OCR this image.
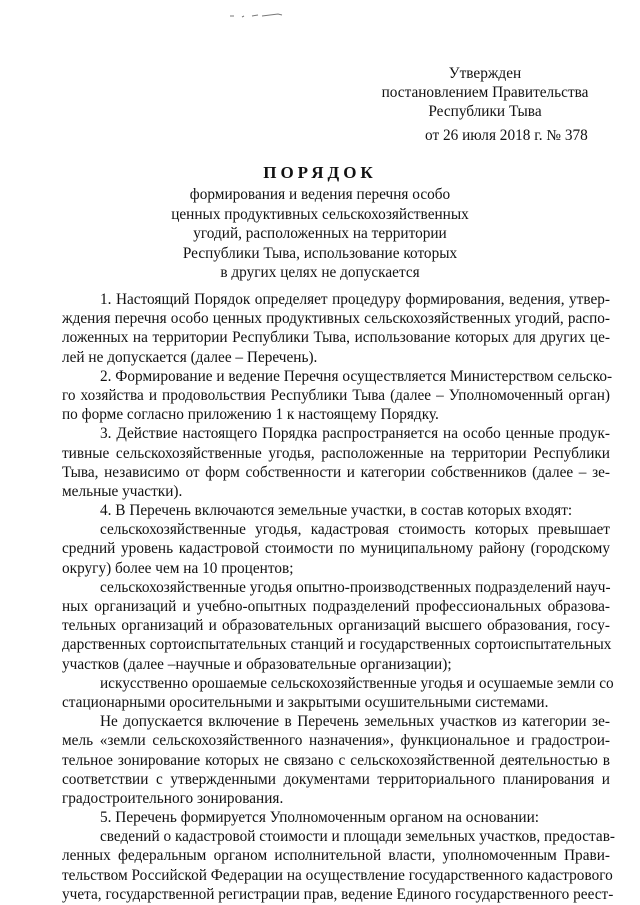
Утвержден
постановлением Правительства
Республики Тыва
от 26 июля 2018 г. № 378
ПОРЯДОК
формирования и ведения перечня особо
ценных продуктивных сельскохозяйственных
угодий, расположенных на территории
Республики Тыва, использование которых
в других целях не допускается
1. Настоящий Порядок определяет процедуру формирования, ведения, утвер-
ждения перечня особо ценных продуктивных сельскохозяйственных угодий, распо-
ложенных на территории Республики Тыва, использование которых для других це-
лей не допускается (далее – Перечень).
2. Формирование и ведение Перечня осуществляется Министерством сельско-
го хозяйства и продовольствия Республики Тыва (далее – Уполномоченный орган)
по форме согласно приложению 1 к настоящему Порядку.
3. Действие настоящего Порядка распространяется на особо ценные продук-
тивные сельскохозяйственные угодья, расположенные на территории Республики
Тыва, независимо от форм собственности и категории собственников (далее – зе-
мельные участки).
4. В Перечень включаются земельные участки, в состав которых входят:
сельскохозяйственные угодья, кадастровая стоимость которых превышает
средний уровень кадастровой стоимости по муниципальному району (городскому
округу) более чем на 10 процентов;
сельскохозяйственные угодья опытно-производственных подразделений науч-
ных организаций и учебно-опытных подразделений профессиональных образова-
тельных организаций и образовательных организаций высшего образования, госу-
дарственных сортоиспытательных станций и государственных сортоиспытательных
участков (далее –научные и образовательные организации);
искусственно орошаемые сельскохозяйственные угодья и осушаемые земли со
стационарными оросительными и закрытыми осушительными системами.
Не допускается включение в Перечень земельных участков из категории зе-
мель «земли сельскохозяйственного назначения», функциональное и градострои-
тельное зонирование которых не связано с сельскохозяйственной деятельностью в
соответствии с утвержденными документами территориального планирования и
градостроительного зонирования.
5. Перечень формируется Уполномоченным органом на основании:
сведений о кадастровой стоимости и площади земельных участков, предостав-
ленных федеральным органом исполнительной власти, уполномоченным Прави-
тельством Российской Федерации на осуществление государственного кадастрового
учета, государственной регистрации прав, ведение Единого государственного реест-
